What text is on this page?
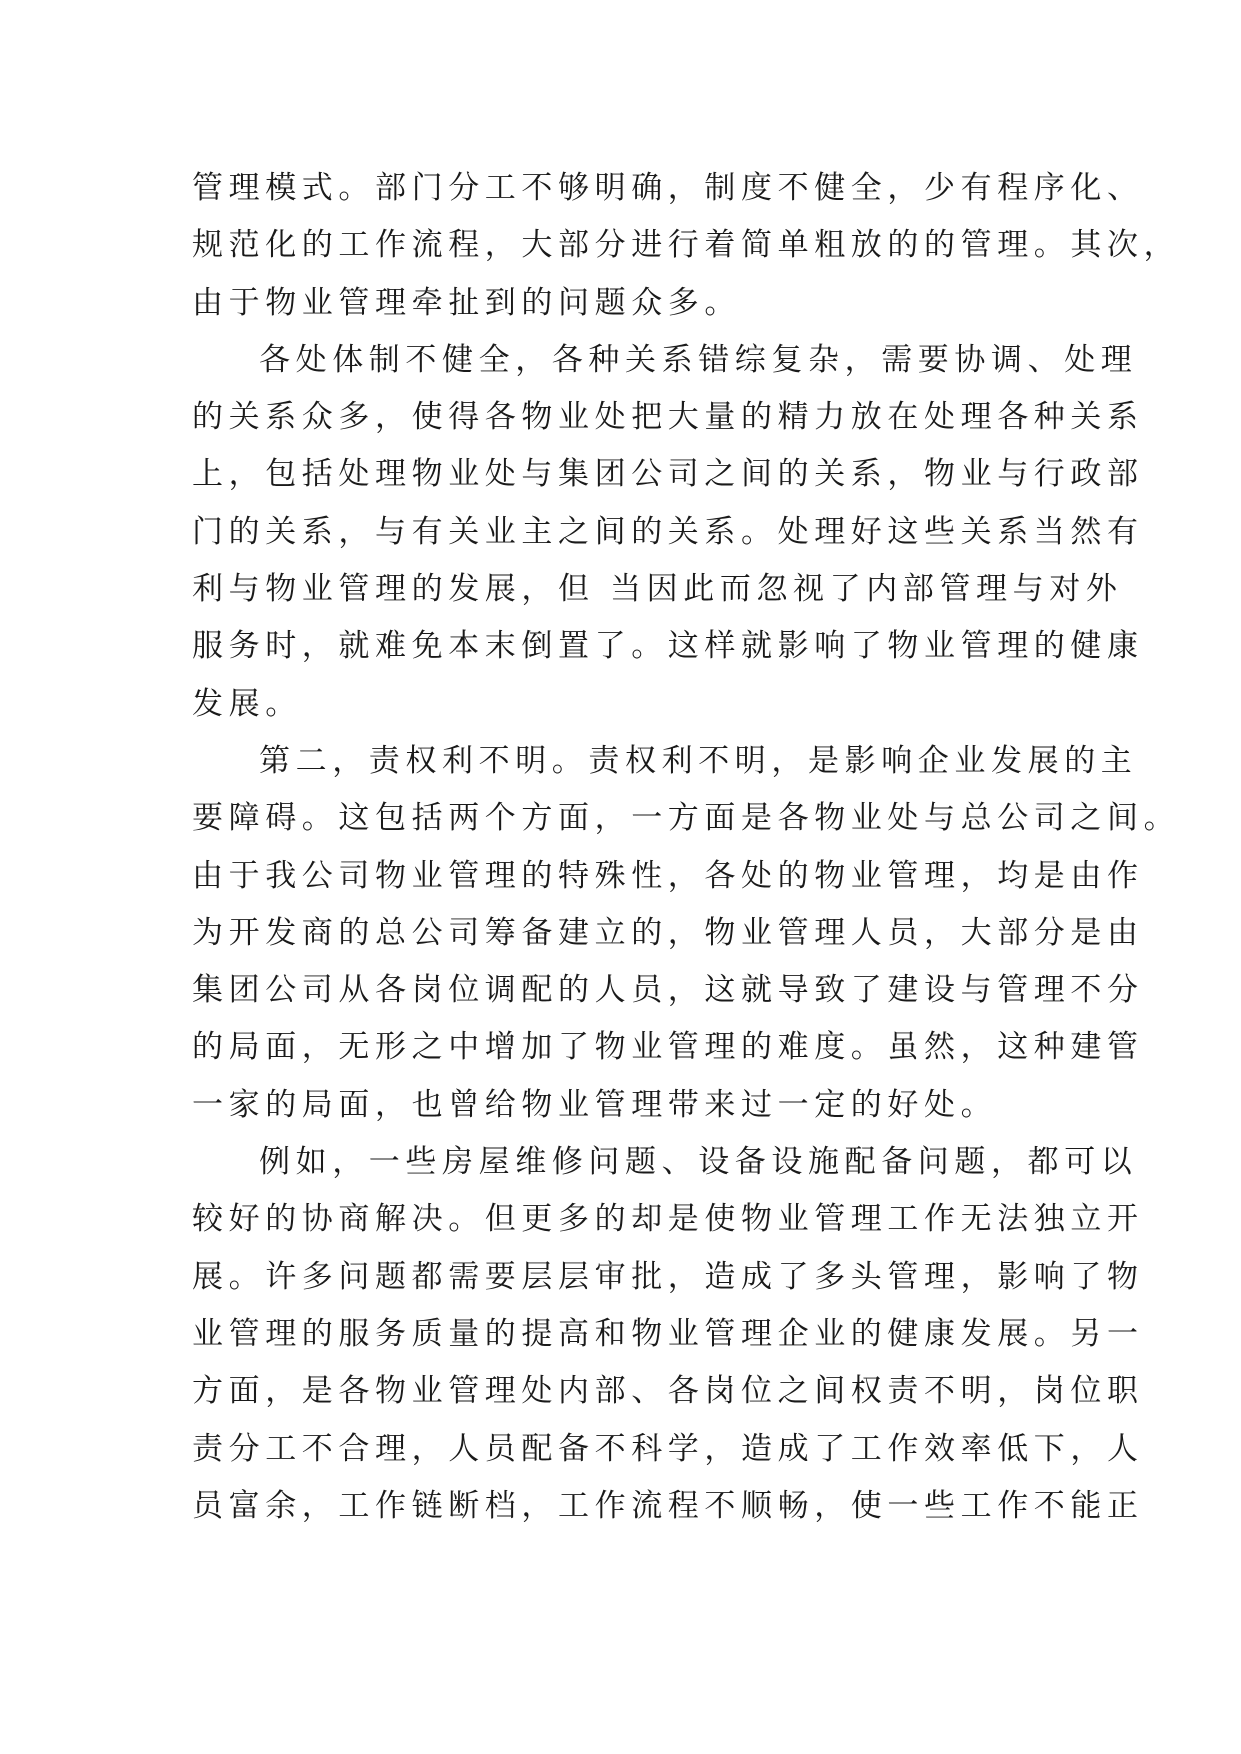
管理模式。部门分工不够明确，制度不健全，少有程序化、
规范化的工作流程，大部分进行着简单粗放的的管理。其次，
由于物业管理牵扯到的问题众多。

各处体制不健全，各种关系错综复杂，需要协调、处理
的关系众多，使得各物业处把大量的精力放在处理各种关系
上，包括处理物业处与集团公司之间的关系，物业与行政部
门的关系，与有关业主之间的关系。处理好这些关系当然有
利与物业管理的发展，但 当因此而忽视了内部管理与对外
服务时，就难免本末倒置了。这样就影响了物业管理的健康
发展。

第二，责权利不明。责权利不明，是影响企业发展的主
要障碍。这包括两个方面，一方面是各物业处与总公司之间。
由于我公司物业管理的特殊性，各处的物业管理，均是由作
为开发商的总公司筹备建立的，物业管理人员，大部分是由
集团公司从各岗位调配的人员，这就导致了建设与管理不分
的局面，无形之中增加了物业管理的难度。虽然，这种建管
一家的局面，也曾给物业管理带来过一定的好处。

例如，一些房屋维修问题、设备设施配备问题，都可以
较好的协商解决。但更多的却是使物业管理工作无法独立开
展。许多问题都需要层层审批，造成了多头管理，影响了物
业管理的服务质量的提高和物业管理企业的健康发展。另一
方面，是各物业管理处内部、各岗位之间权责不明，岗位职
责分工不合理，人员配备不科学，造成了工作效率低下，人
员富余，工作链断档，工作流程不顺畅，使一些工作不能正
